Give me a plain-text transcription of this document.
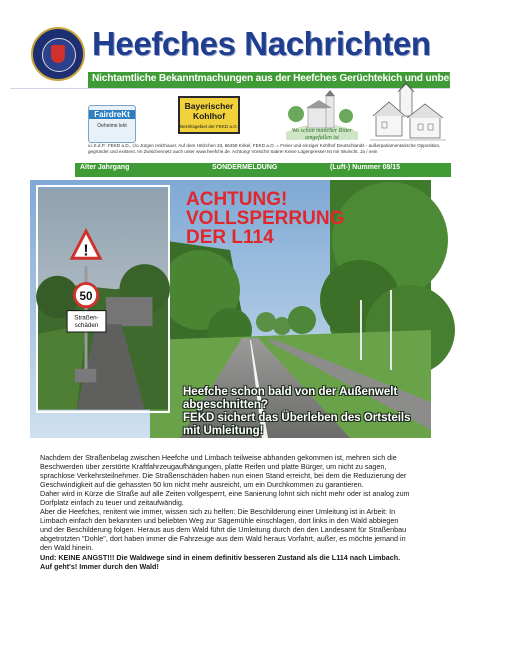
Heefches Nachrichten
Nichtamtliche Bekanntmachungen aus der Heefches Gerüchtekich und unbekannten Quellen
FairdreKt
Oeheime lekt
Bayerischer
Kohlhof
Bezirksgebiet der FEKD a.O.
Wo schon mancher Ritter umgefallen ist
v.i.S.d.P.: FEKD a.D., c/o Jürgen Holzhauer, Auf dem Hölzchen 33, 66459 Kirkel, FEKD a.O. = Freier und einziger Kohlhof Deutschlands - außerparlamentarische Opposition, gegründet und existent. Im Zwischennetz auch unter www.heefche.de. Achtung! Vorsicht! Satire! Keine Lügenpresse! Ist mir Wurscht. Ja / nein
Alter Jahrgang	SONDERMELDUNG	(Luft-) Nummer 08/15
!
50
Straßen-
schäden
ACHTUNG!
VOLLSPERRUNG
DER L114
Heefche schon bald von der Außenwelt
abgeschnitten?
FEKD sichert das Überleben des Ortsteils
mit Umleitung!

Nachdem der Straßenbelag zwischen Heefche und Limbach teilweise abhanden gekommen ist, mehren sich die Beschwerden über zerstörte Kraftfahrzeugaufhängungen, platte Reifen und platte Bürger, um nicht zu sagen, sprachlose Verkehrsteilnehmer. Die Straßenschäden haben nun einen Stand erreicht, bei dem die Reduzierung der Geschwindigkeit auf die gehassten 50 km nicht mehr ausreicht, um ein Durchkommen zu garantieren.

Daher wird in Kürze die Straße auf alle Zeiten vollgesperrt, eine Sanierung lohnt sich nicht mehr oder ist analog zum Dorfplatz einfach zu teuer und zeitaufwändig.

Aber die Heefches, renitent wie immer, wissen sich zu helfen: Die Beschilderung einer Umleitung ist in Arbeit: In Limbach einfach den bekannten und beliebten Weg zur Sägemühle einschlagen, dort links in den Wald abbiegen und der Beschilderung folgen. Heraus aus dem Wald führt die Umleitung durch den den Landesamt für Straßenbau abgetrotzten "Dohle", dort haben immer die Fahrzeuge aus dem Wald heraus Vorfahrt, außer, es möchte jemand in den Wald hinein.

Und: KEINE ANGST!!! Die Waldwege sind in einem definitiv besseren Zustand als die L114 nach Limbach. Auf geht's! Immer durch den Wald!
